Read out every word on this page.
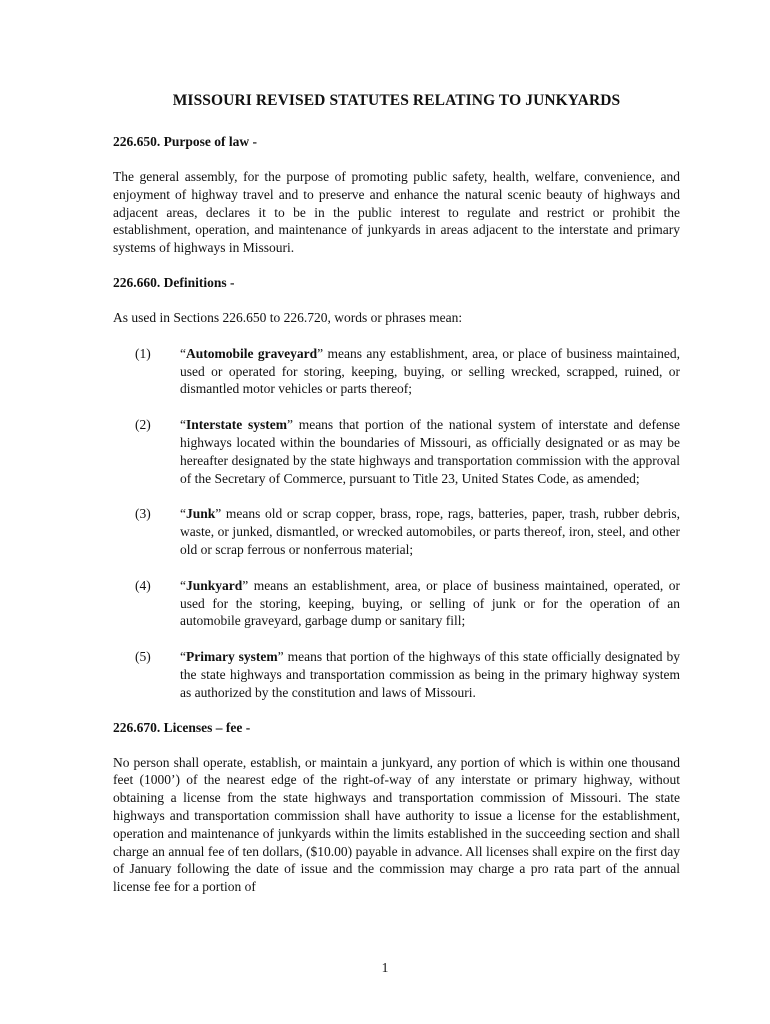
MISSOURI REVISED STATUTES RELATING TO JUNKYARDS
226.650. Purpose of law -

The general assembly, for the purpose of promoting public safety, health, welfare, convenience, and enjoyment of highway travel and to preserve and enhance the natural scenic beauty of highways and adjacent areas, declares it to be in the public interest to regulate and restrict or prohibit the establishment, operation, and maintenance of junkyards in areas adjacent to the interstate and primary systems of highways in Missouri.

226.660. Definitions -

As used in Sections 226.650 to 226.720, words or phrases mean:

(1)	“Automobile graveyard” means any establishment, area, or place of business maintained, used or operated for storing, keeping, buying, or selling wrecked, scrapped, ruined, or dismantled motor vehicles or parts thereof;
(2)	“Interstate system” means that portion of the national system of interstate and defense highways located within the boundaries of Missouri, as officially designated or as may be hereafter designated by the state highways and transportation commission with the approval of the Secretary of Commerce, pursuant to Title 23, United States Code, as amended;
(3)	“Junk” means old or scrap copper, brass, rope, rags, batteries, paper, trash, rubber debris, waste, or junked, dismantled, or wrecked automobiles, or parts thereof, iron, steel, and other old or scrap ferrous or nonferrous material;
(4)	“Junkyard” means an establishment, area, or place of business maintained, operated, or used for the storing, keeping, buying, or selling of junk or for the operation of an automobile graveyard, garbage dump or sanitary fill;
(5)	“Primary system” means that portion of the highways of this state officially designated by the state highways and transportation commission as being in the primary highway system as authorized by the constitution and laws of Missouri.
226.670. Licenses – fee -

No person shall operate, establish, or maintain a junkyard, any portion of which is within one thousand feet (1000’) of the nearest edge of the right-of-way of any interstate or primary highway, without obtaining a license from the state highways and transportation commission of Missouri. The state highways and transportation commission shall have authority to issue a license for the establishment, operation and maintenance of junkyards within the limits established in the succeeding section and shall charge an annual fee of ten dollars, ($10.00) payable in advance. All licenses shall expire on the first day of January following the date of issue and the commission may charge a pro rata part of the annual license fee for a portion of

1
